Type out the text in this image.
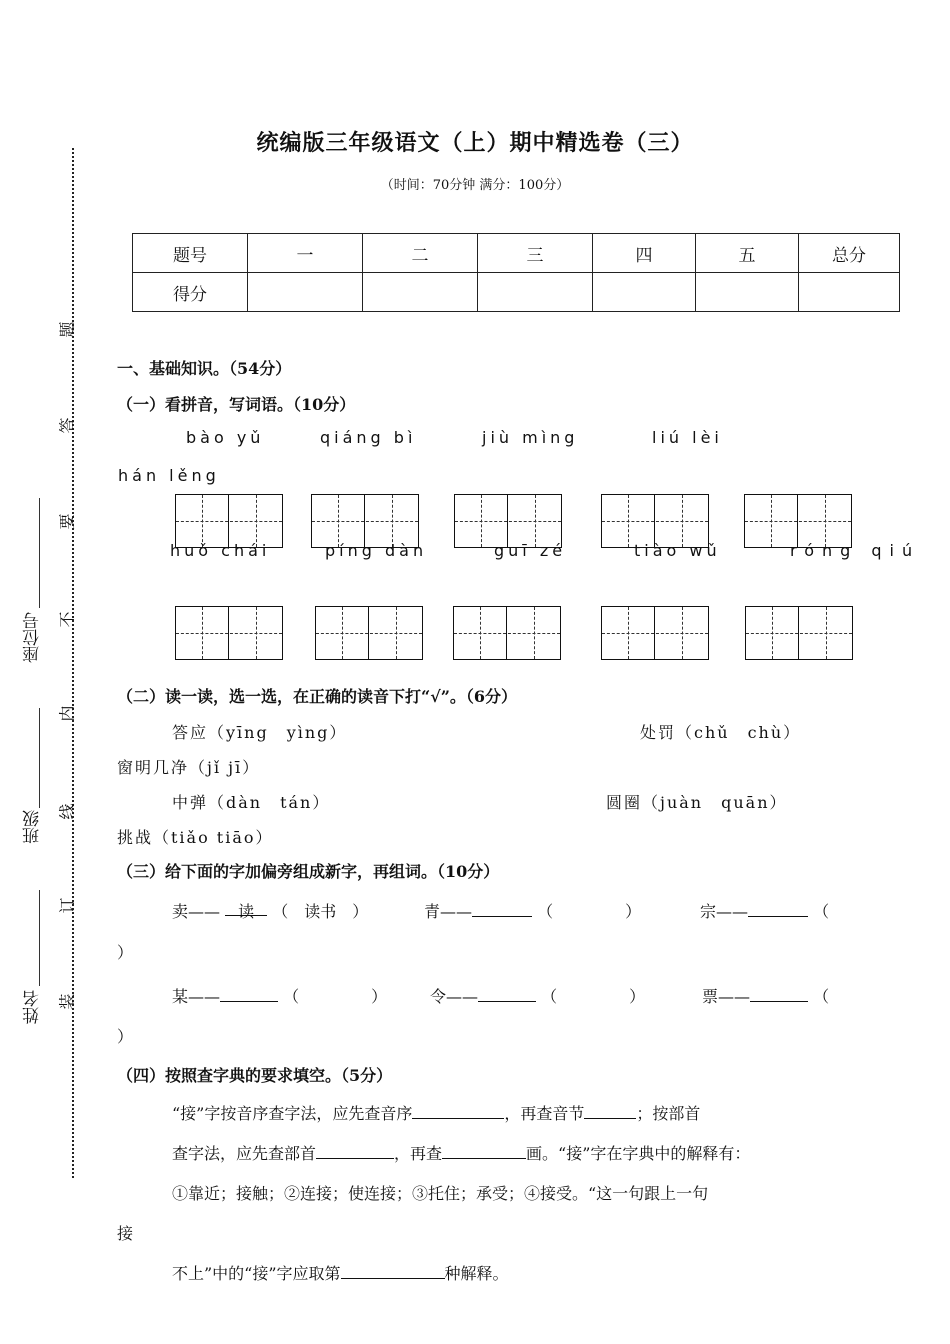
座位号
班级
姓名
题
答
要
不
内
线
订
装
统编版三年级语文（上）期中精选卷（三）
（时间：70分钟 满分：100分）
题号	一	二	三	四	五	总分
得分						
一、基础知识。（54分）
（一）看拼音，写词语。（10分）
bào yǔ	qiáng bì	jiù mìng	liú lèi
hán lěng
huǒ chái	píng dàn	guī zé	tiào wǔ	róng qiú
（二）读一读，选一选，在正确的读音下打“√”。（6分）
答应（yīng　yìng）	处罚（chǔ　chù）
窗明几净（jǐ jī）
中弹（dàn　tán）	圆圈（juàn　quān）
挑战（tiǎo tiāo）
（三）给下面的字加偏旁组成新字，再组词。（10分）
卖—— 读 （　读书　）	青——	（	）	宗——	（
）
某——	（	）	令——	（	）	票——	（
）
（四）按照查字典的要求填空。（5分）
“接”字按音序查字法，应先查音序	，再查音节	；按部首
查字法，应先查部首	，再查	画。“接”字在字典中的解释有：
①靠近；接触；②连接；使连接；③托住；承受；④接受。“这一句跟上一句
接
不上”中的“接”字应取第	种解释。
